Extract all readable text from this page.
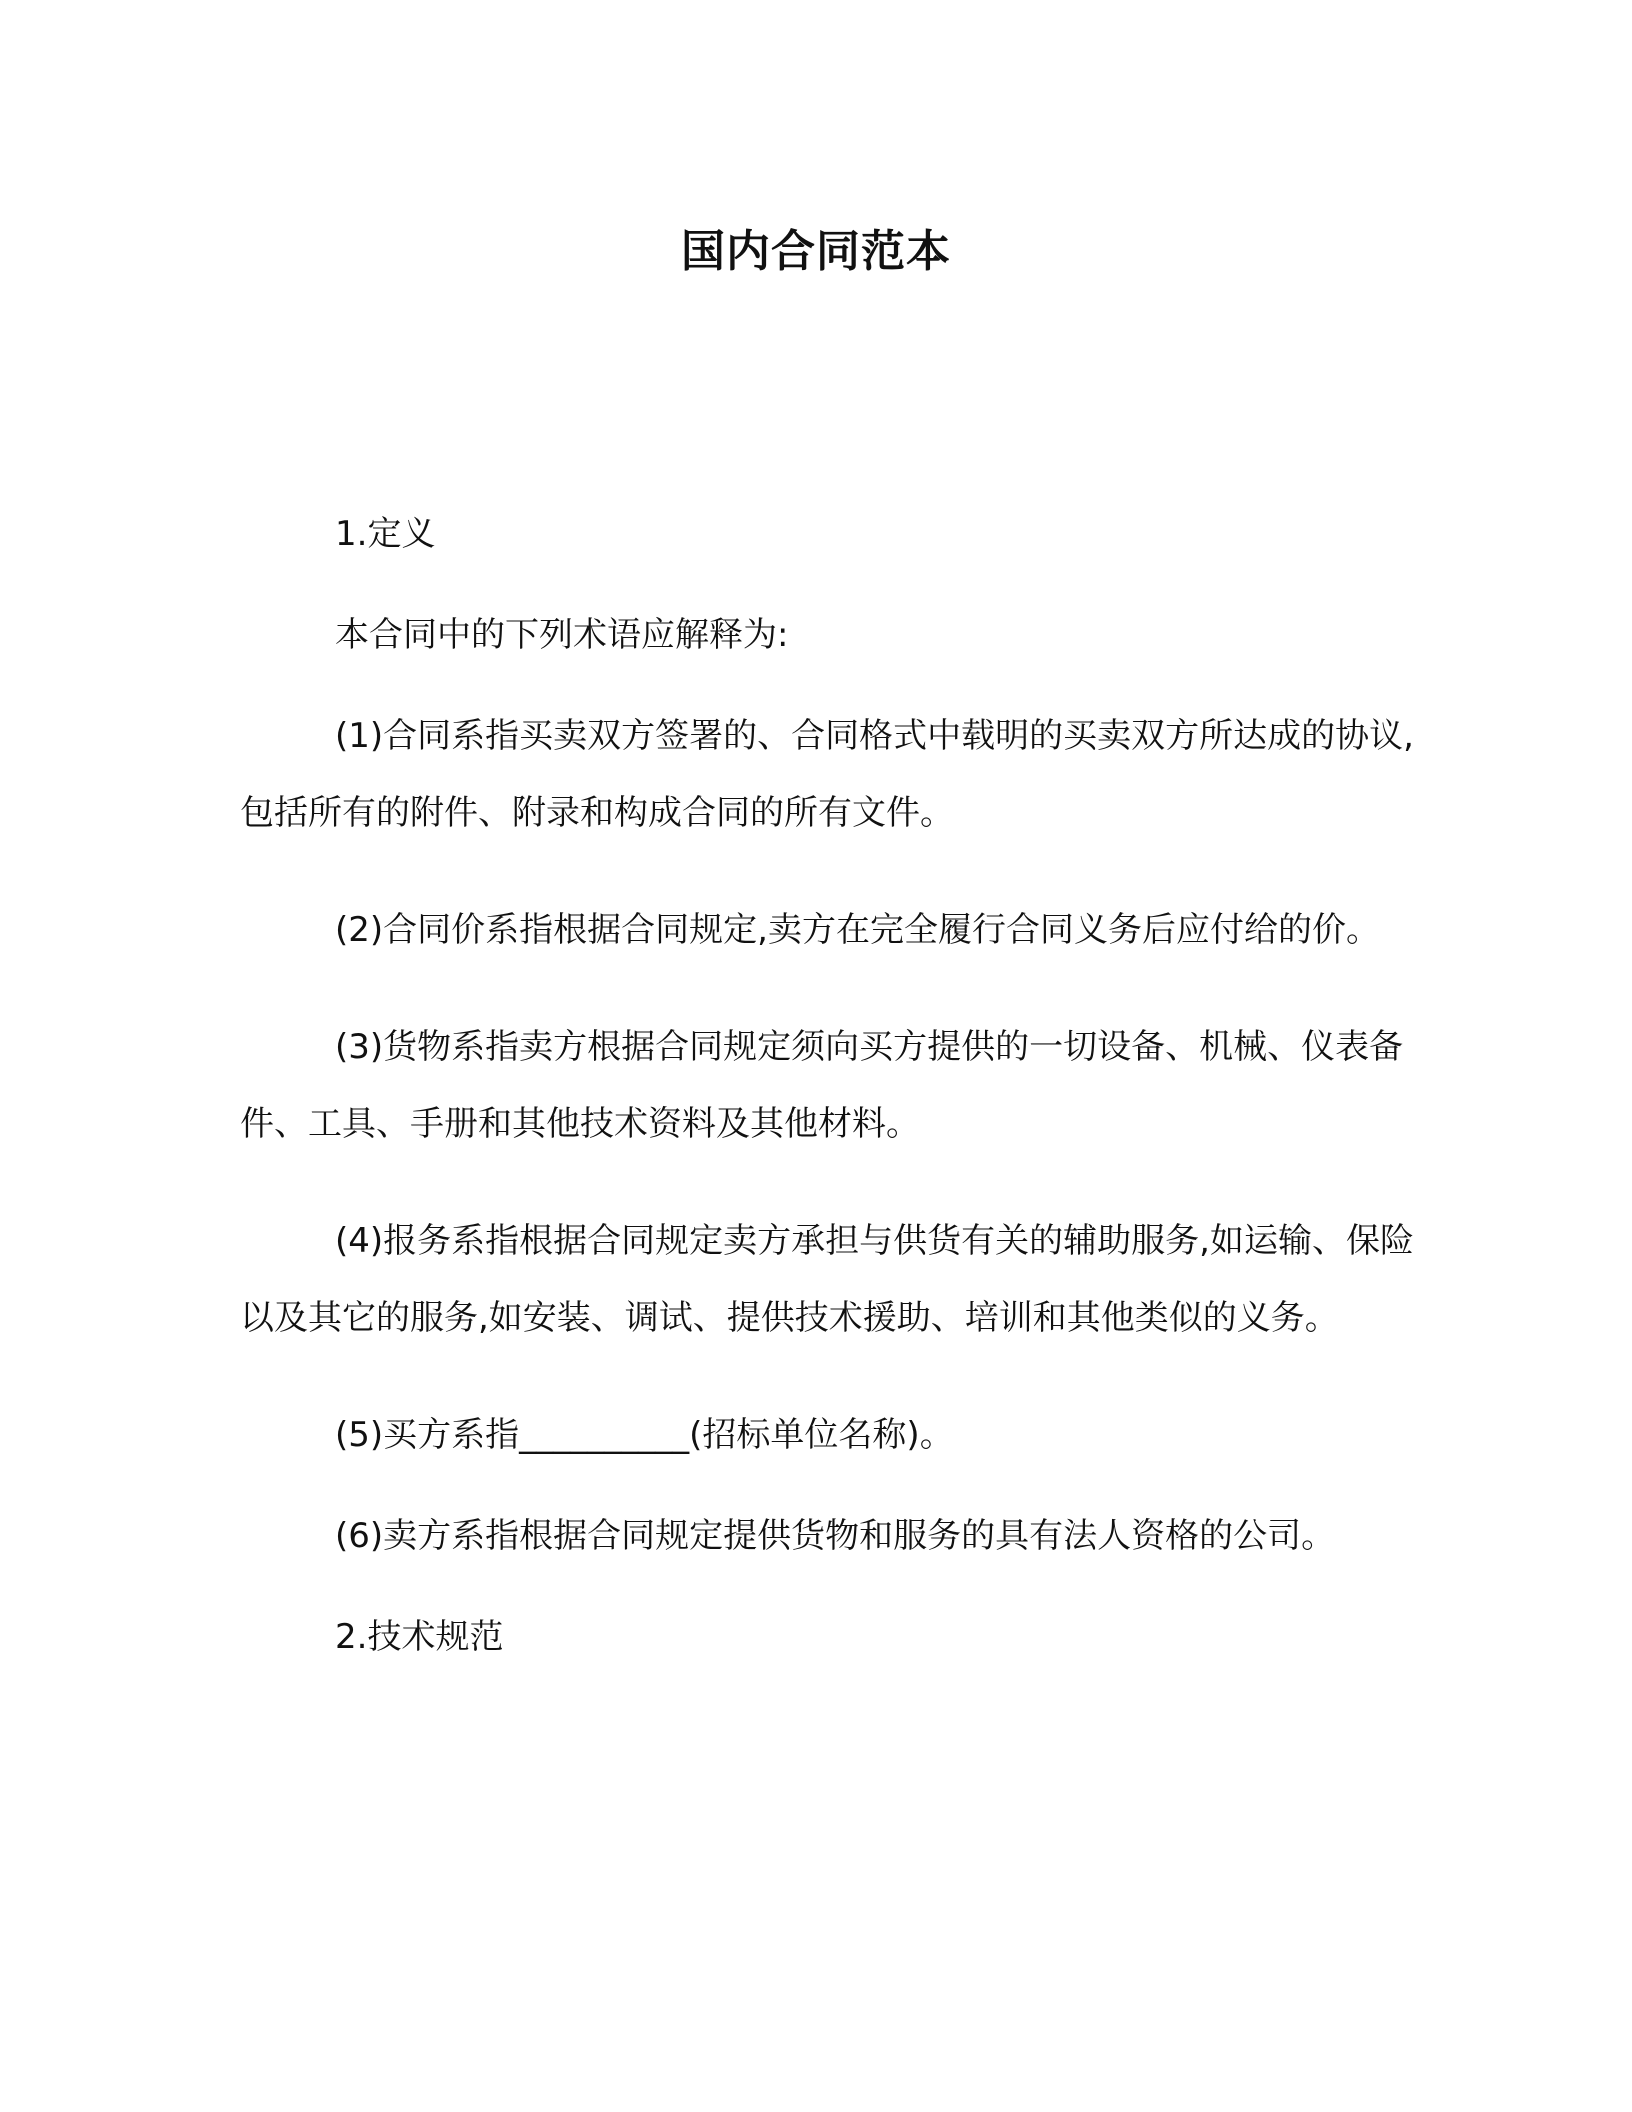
国内合同范本

1.定义

本合同中的下列术语应解释为:

(1)合同系指买卖双方签署的、合同格式中载明的买卖双方所达成的协议,包括所有的附件、附录和构成合同的所有文件。

(2)合同价系指根据合同规定,卖方在完全履行合同义务后应付给的价。

(3)货物系指卖方根据合同规定须向买方提供的一切设备、机械、仪表备件、工具、手册和其他技术资料及其他材料。

(4)报务系指根据合同规定卖方承担与供货有关的辅助服务,如运输、保险以及其它的服务,如安装、调试、提供技术援助、培训和其他类似的义务。

(5)买方系指__________(招标单位名称)。

(6)卖方系指根据合同规定提供货物和服务的具有法人资格的公司。

2.技术规范
